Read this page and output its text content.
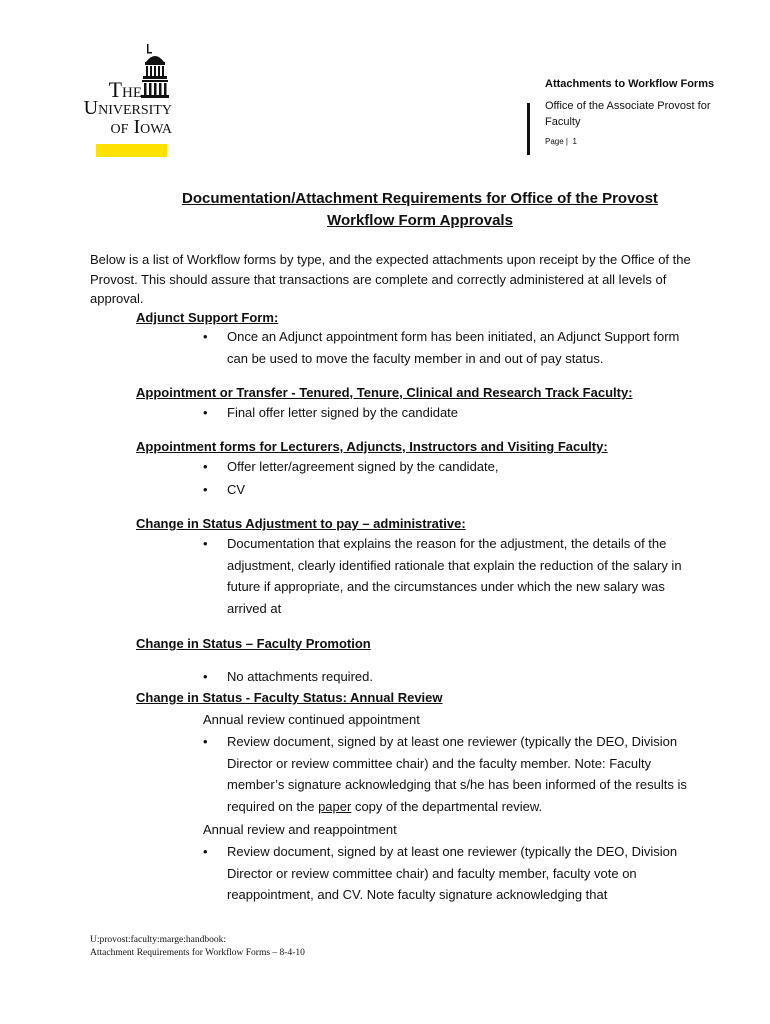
The
University
of Iowa
Attachments to Workflow Forms
Office of the Associate Provost for Faculty
Page | 1
Documentation/Attachment Requirements for Office of the Provost
Workflow Form Approvals
Below is a list of Workflow forms by type, and the expected attachments upon receipt by the Office of the Provost. This should assure that transactions are complete and correctly administered at all levels of approval.
Adjunct Support Form:
•	Once an Adjunct appointment form has been initiated, an Adjunct Support form can be used to move the faculty member in and out of pay status.
Appointment or Transfer - Tenured, Tenure, Clinical and Research Track Faculty:
•	Final offer letter signed by the candidate
Appointment forms for Lecturers, Adjuncts, Instructors and Visiting Faculty:
•	Offer letter/agreement signed by the candidate,
•	CV
Change in Status Adjustment to pay – administrative:
•	Documentation that explains the reason for the adjustment, the details of the adjustment, clearly identified rationale that explain the reduction of the salary in future if appropriate, and the circumstances under which the new salary was arrived at
Change in Status – Faculty Promotion
•	No attachments required.
Change in Status - Faculty Status: Annual Review
Annual review continued appointment
•	Review document, signed by at least one reviewer (typically the DEO, Division Director or review committee chair) and the faculty member. Note: Faculty member’s signature acknowledging that s/he has been informed of the results is required on the paper copy of the departmental review.
Annual review and reappointment
•	Review document, signed by at least one reviewer (typically the DEO, Division Director or review committee chair) and faculty member, faculty vote on reappointment, and CV. Note faculty signature acknowledging that
U:provost:faculty:marge:handbook:
Attachment Requirements for Workflow Forms – 8-4-10
